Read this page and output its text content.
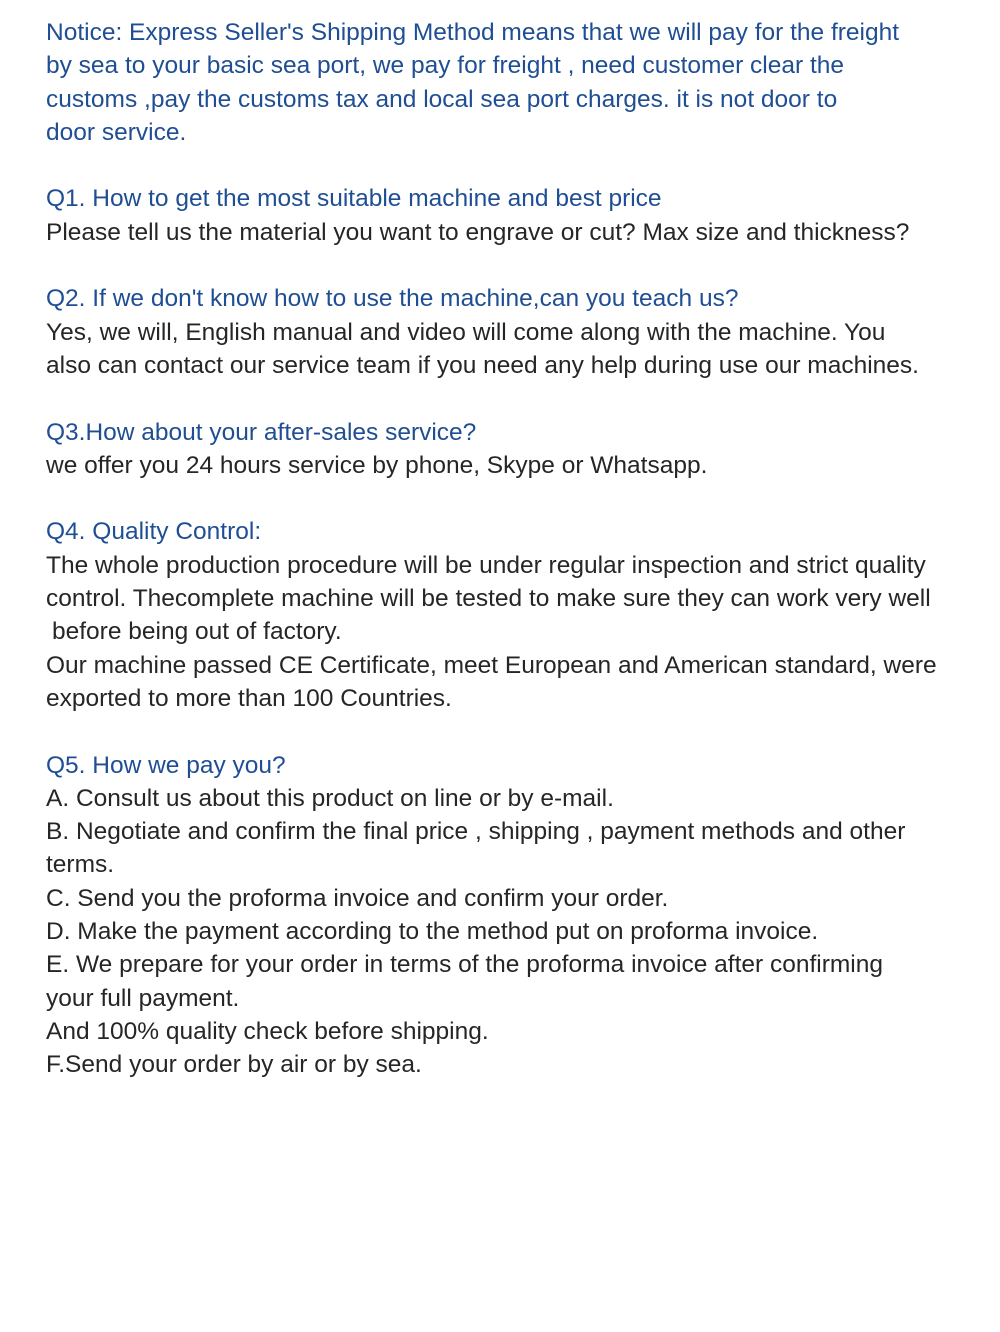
Notice: Express Seller's Shipping Method means that we will pay for the freight
by sea to your basic sea port, we pay for freight , need customer clear the
customs ,pay the customs tax and local sea port charges. it is not door to
door service.
Q1. How to get the most suitable machine and best price
Please tell us the material you want to engrave or cut? Max size and thickness?
Q2. If we don't know how to use the machine,can you teach us?
Yes, we will, English manual and video will come along with the machine. You
also can contact our service team if you need any help during use our machines.
Q3.How about your after-sales service?
we offer you 24 hours service by phone, Skype or Whatsapp.
Q4. Quality Control:
The whole production procedure will be under regular inspection and strict quality
control. Thecomplete machine will be tested to make sure they can work very well
before being out of factory.
Our machine passed CE Certificate, meet European and American standard, were
exported to more than 100 Countries.
Q5. How we pay you?
A. Consult us about this product on line or by e-mail.
B. Negotiate and confirm the final price , shipping , payment methods and other
terms.
C. Send you the proforma invoice and confirm your order.
D. Make the payment according to the method put on proforma invoice.
E. We prepare for your order in terms of the proforma invoice after confirming
your full payment.
And 100% quality check before shipping.
F.Send your order by air or by sea.
